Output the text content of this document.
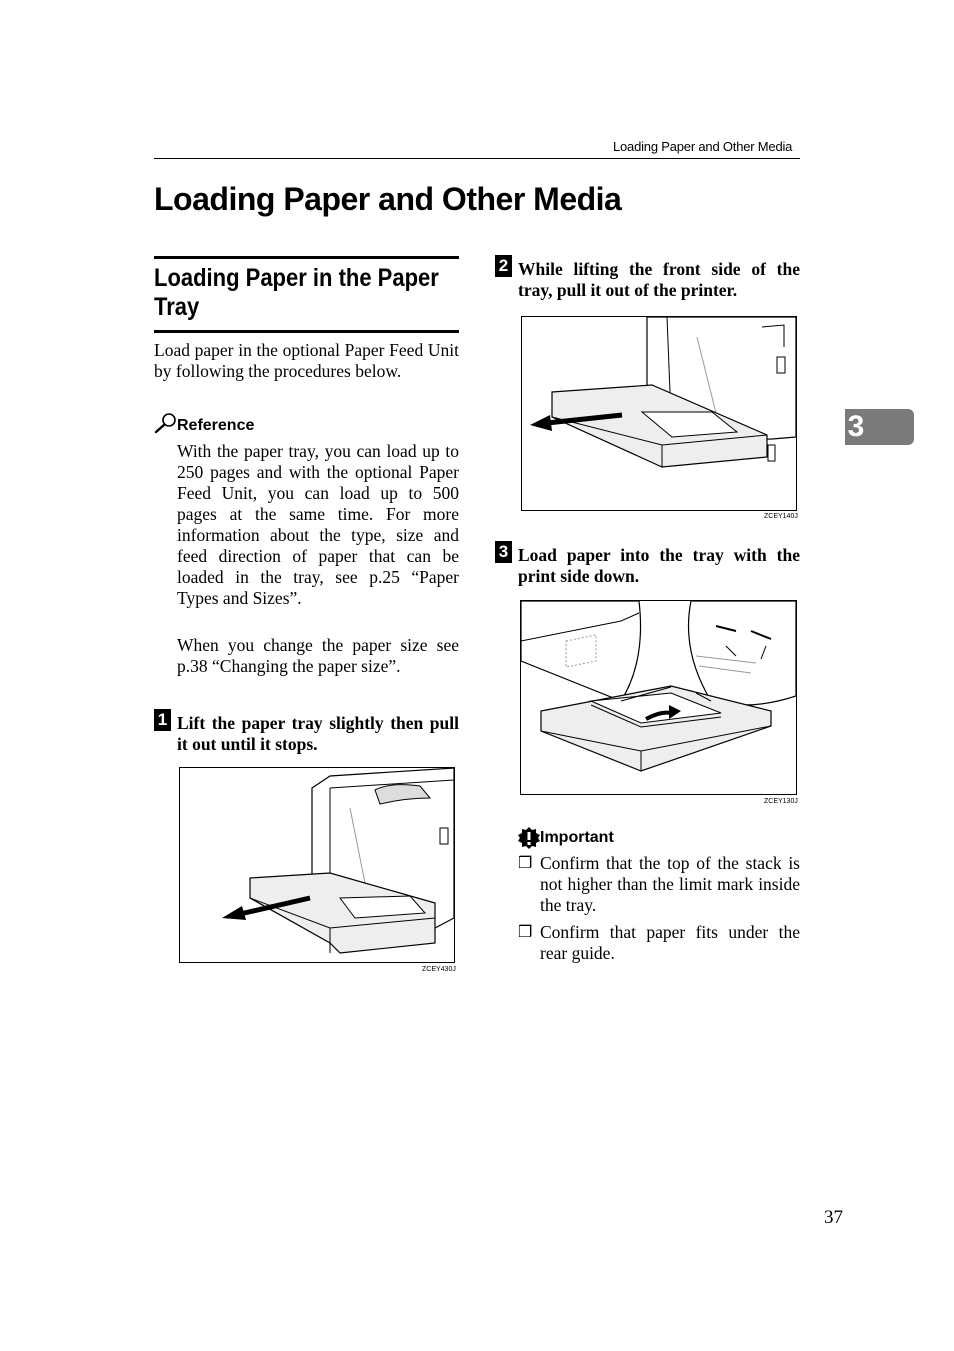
Loading Paper and Other Media
Loading Paper and Other Media
3
Loading Paper in the Paper Tray
Load paper in the optional Paper Feed Unit by following the procedures below.
Reference
With the paper tray, you can load up to 250 pages and with the optional Paper Feed Unit, you can load up to 500 pages at the same time. For more information about the type, size and feed direction of paper that can be loaded in the tray, see p.25 “Paper Types and Sizes”.
When you change the paper size see p.38 “Changing the paper size”.
1 Lift the paper tray slightly then pull it out until it stops.
ZCEY430J
2 While lifting the front side of the tray, pull it out of the printer.
ZCEY140J
3 Load paper into the tray with the print side down.
ZCEY130J
Important
❒ Confirm that the top of the stack is not higher than the limit mark inside the tray.
❒ Confirm that paper fits under the rear guide.
37
